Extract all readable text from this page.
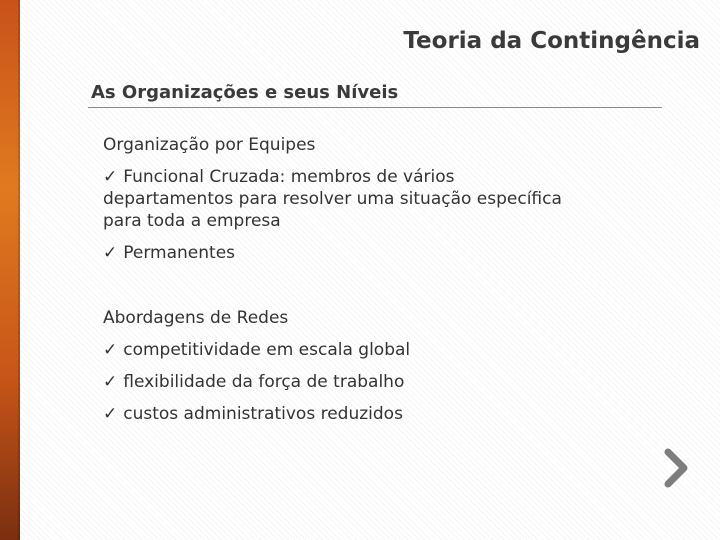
Teoria da Contingência
As Organizações e seus Níveis
Organização por Equipes
✓ Funcional Cruzada: membros de vários departamentos para resolver uma situação específica para toda a empresa
✓ Permanentes
Abordagens de Redes
✓ competitividade em escala global
✓ flexibilidade da força de trabalho
✓ custos administrativos reduzidos
